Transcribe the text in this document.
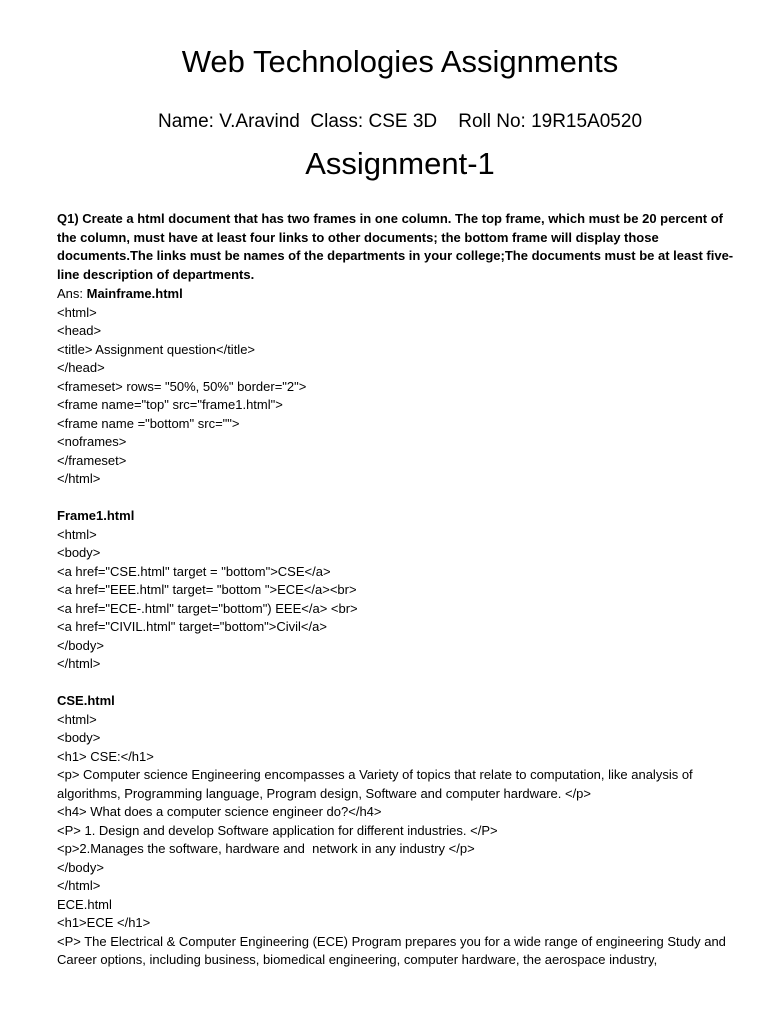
Web Technologies Assignments
Name: V.Aravind  Class: CSE 3D    Roll No: 19R15A0520
Assignment-1
Q1) Create a html document that has two frames in one column. The top frame, which must be 20 percent of the column, must have at least four links to other documents; the bottom frame will display those documents.The links must be names of the departments in your college;The documents must be at least five-line description of departments.
Ans: Mainframe.html
<html>
<head>
<title> Assignment question</title>
</head>
<frameset> rows= "50%, 50%" border="2">
<frame name="top" src="frame1.html">
<frame name ="bottom" src="">
<noframes>
</frameset>
</html>
Frame1.html
<html>
<body>
<a href="CSE.html" target = "bottom">CSE</a>
<a href="EEE.html" target= "bottom ">ECE</a><br>
<a href="ECE-.html" target="bottom") EEE</a> <br>
<a href="CIVIL.html" target="bottom">Civil</a>
</body>
</html>
CSE.html
<html>
<body>
<h1> CSE:</h1>
<p> Computer science Engineering encompasses a Variety of topics that relate to computation, like analysis of algorithms, Programming language, Program design, Software and computer hardware. </p>
<h4> What does a computer science engineer do?</h4>
<P> 1. Design and develop Software application for different industries. </P>
<p>2.Manages the software, hardware and  network in any industry </p>
</body>
</html>
ECE.html
<h1>ECE </h1>
<P> The Electrical & Computer Engineering (ECE) Program prepares you for a wide range of engineering Study and Career options, including business, biomedical engineering, computer hardware, the aerospace industry,
